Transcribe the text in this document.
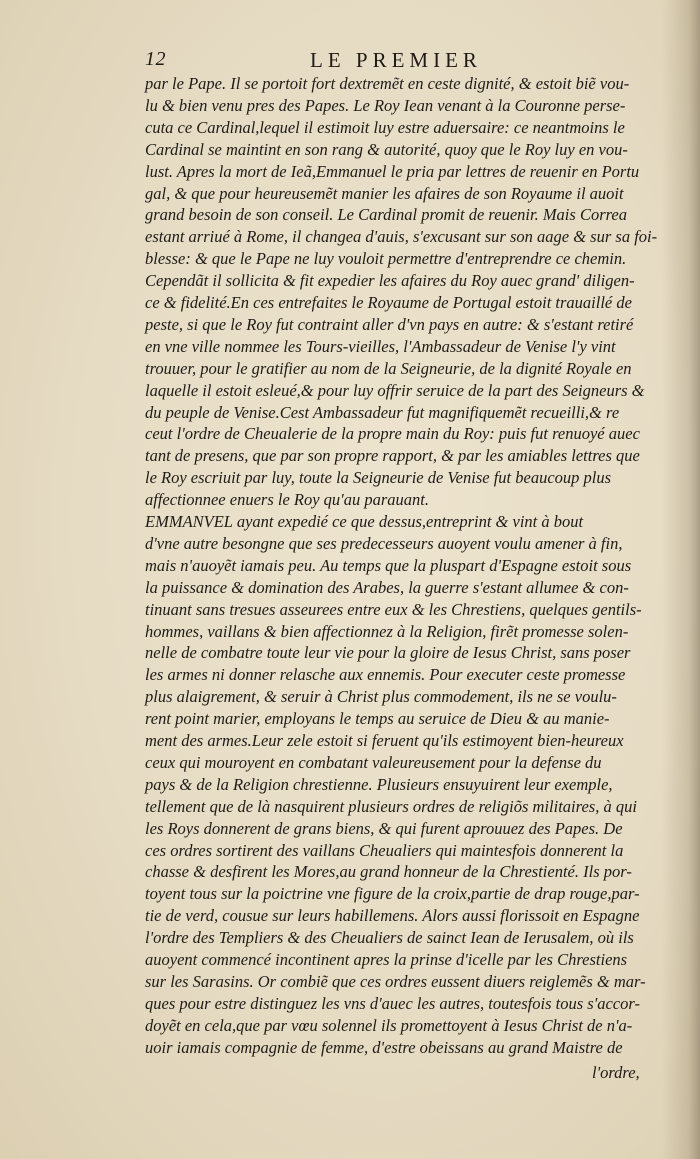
12	LE PREMIER
par le Pape. Il se portoit fort dextremẽt en ceste dignité, & estoit biẽ vou-
lu & bien venu pres des Papes. Le Roy Iean venant à la Couronne perse-
cuta ce Cardinal,lequel il estimoit luy estre aduersaire: ce neantmoins le
Cardinal se maintint en son rang & autorité, quoy que le Roy luy en vou-
lust. Apres la mort de Ieã,Emmanuel le pria par lettres de reuenir en Portu
gal, & que pour heureusemẽt manier les afaires de son Royaume il auoit
grand besoin de son conseil. Le Cardinal promit de reuenir. Mais Correa
estant arriué à Rome, il changea d'auis, s'excusant sur son aage & sur sa foi-
blesse: & que le Pape ne luy vouloit permettre d'entreprendre ce chemin.
Cependãt il sollicita & fit expedier les afaires du Roy auec grand' diligen-
ce & fidelité.En ces entrefaites le Royaume de Portugal estoit trauaillé de
peste, si que le Roy fut contraint aller d'vn pays en autre: & s'estant retiré
en vne ville nommee les Tours-vieilles, l'Ambassadeur de Venise l'y vint
trouuer, pour le gratifier au nom de la Seigneurie, de la dignité Royale en
laquelle il estoit esleué,& pour luy offrir seruice de la part des Seigneurs &
du peuple de Venise.Cest Ambassadeur fut magnifiquemẽt recueilli,& re
ceut l'ordre de Cheualerie de la propre main du Roy: puis fut renuoyé auec
tant de presens, que par son propre rapport, & par les amiables lettres que
le Roy escriuit par luy, toute la Seigneurie de Venise fut beaucoup plus
affectionnee enuers le Roy qu'au parauant.
EMMANVEL ayant expedié ce que dessus,entreprint & vint à bout
d'vne autre besongne que ses predecesseurs auoyent voulu amener à fin,
mais n'auoyẽt iamais peu. Au temps que la pluspart d'Espagne estoit sous
la puissance & domination des Arabes, la guerre s'estant allumee & con-
tinuant sans tresues asseurees entre eux & les Chrestiens, quelques gentils-
hommes, vaillans & bien affectionnez à la Religion, firẽt promesse solen-
nelle de combatre toute leur vie pour la gloire de Iesus Christ, sans poser
les armes ni donner relasche aux ennemis. Pour executer ceste promesse
plus alaigrement, & seruir à Christ plus commodement, ils ne se voulu-
rent point marier, employans le temps au seruice de Dieu & au manie-
ment des armes.Leur zele estoit si feruent qu'ils estimoyent bien-heureux
ceux qui mouroyent en combatant valeureusement pour la defense du
pays & de la Religion chrestienne. Plusieurs ensuyuirent leur exemple,
tellement que de là nasquirent plusieurs ordres de religiõs militaires, à qui
les Roys donnerent de grans biens, & qui furent aprouuez des Papes. De
ces ordres sortirent des vaillans Cheualiers qui maintesfois donnerent la
chasse & desfirent les Mores,au grand honneur de la Chrestienté. Ils por-
toyent tous sur la poictrine vne figure de la croix,partie de drap rouge,par-
tie de verd, cousue sur leurs habillemens. Alors aussi florissoit en Espagne
l'ordre des Templiers & des Cheualiers de sainct Iean de Ierusalem, où ils
auoyent commencé incontinent apres la prinse d'icelle par les Chrestiens
sur les Sarasins. Or combiẽ que ces ordres eussent diuers reiglemẽs & mar-
ques pour estre distinguez les vns d'auec les autres, toutesfois tous s'accor-
doyẽt en cela,que par vœu solennel ils promettoyent à Iesus Christ de n'a-
uoir iamais compagnie de femme, d'estre obeissans au grand Maistre de
l'ordre,
